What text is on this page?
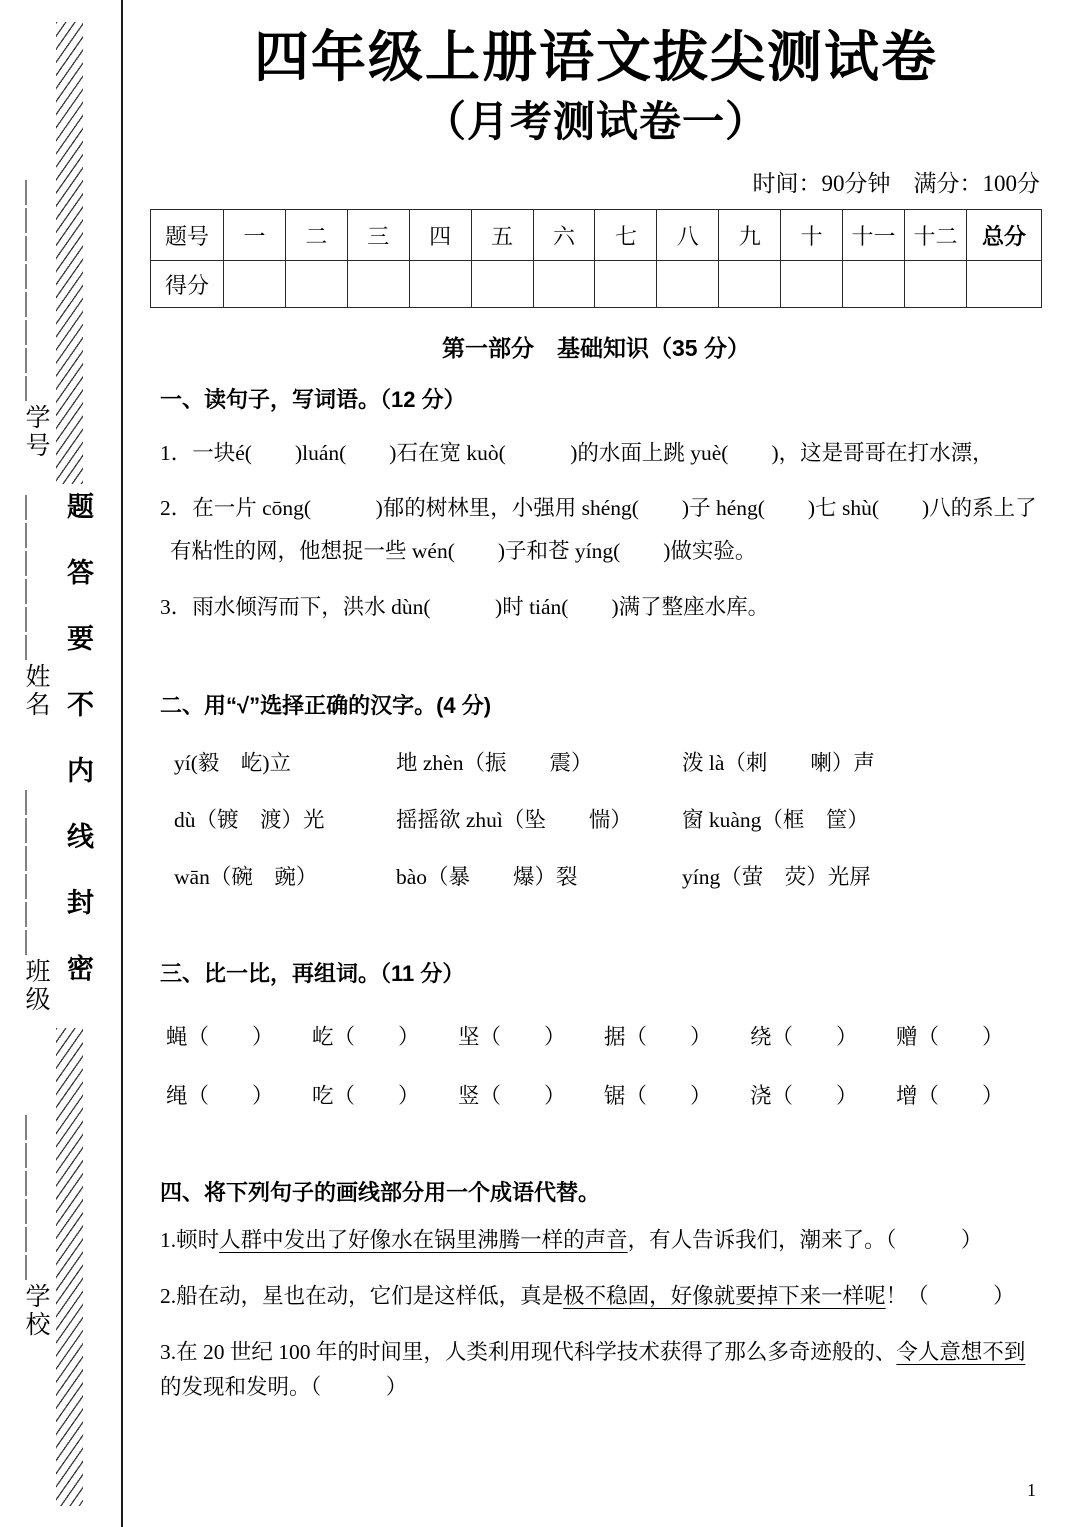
＿＿＿＿＿＿＿＿学号
＿＿＿＿＿＿姓名
＿＿＿＿＿＿班级
＿＿＿＿＿＿学校
题答要不内线封密
四年级上册语文拔尖测试卷
（月考测试卷一）
时间：90分钟　满分：100分
题号	一	二	三	四	五	六	七	八	九	十	十一	十二	总分
得分													
第一部分　基础知识（35 分）
一、读句子，写词语。（12 分）
1．一块é(　　)luán(　　)石在宽 kuò(　　　)的水面上跳 yuè(　　)，这是哥哥在打水漂，
2．在一片 cōng(　　　)郁的树林里，小强用 shéng(　　)子 héng(　　)七 shù(　　)八的系上了
有粘性的网，他想捉一些 wén(　　)子和苍 yíng(　　)做实验。
3．雨水倾泻而下，洪水 dùn(　　　)时 tián(　　)满了整座水库。
二、用“√”选择正确的汉字。(4 分)
yí(毅　屹)立	地 zhèn（振　　震）	泼 là（刺　　喇）声
dù（镀　渡）光	摇摇欲 zhuì（坠　　惴）	窗 kuàng（框　筐）
wān（碗　豌）	bào（暴　　爆）裂	yíng（萤　荧）光屏
三、比一比，再组词。（11 分）
蝇（　　）	屹（　　）	坚（　　）	据（　　）	绕（　　）	赠（　　）
绳（　　）	吃（　　）	竖（　　）	锯（　　）	浇（　　）	增（　　）
四、将下列句子的画线部分用一个成语代替。

1.顿时人群中发出了好像水在锅里沸腾一样的声音，有人告诉我们，潮来了。（　　　）

2.船在动，星也在动，它们是这样低，真是极不稳固，好像就要掉下来一样呢！（　　　）

3.在 20 世纪 100 年的时间里，人类利用现代科学技术获得了那么多奇迹般的、令人意想不到的发现和发明。（　　　）

1
